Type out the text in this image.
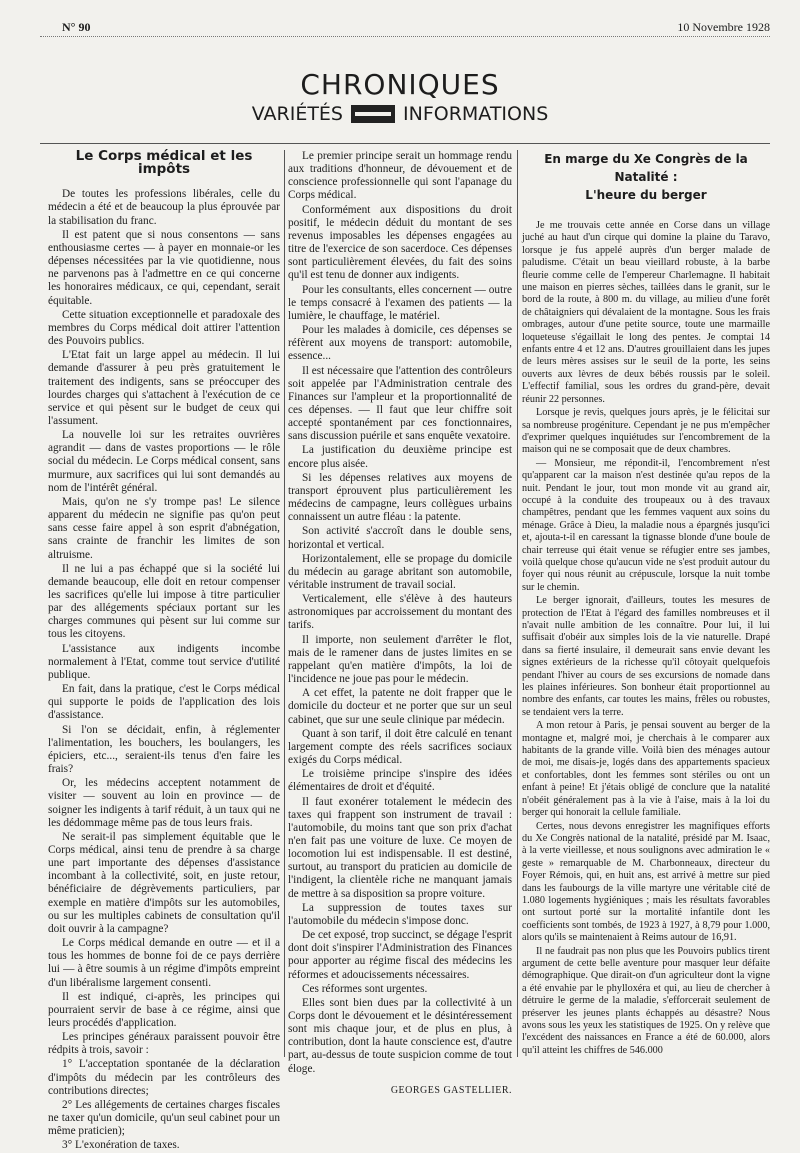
N° 90	10 Novembre 1928
CHRONIQUES
VARIÉTÉS	INFORMATIONS
Le Corps médical et les impôts

De toutes les professions libérales, celle du médecin a été et de beaucoup la plus éprouvée par la stabilisation du franc.

Il est patent que si nous consentons — sans enthousiasme certes — à payer en monnaie-or les dépenses nécessitées par la vie quotidienne, nous ne parvenons pas à l'admettre en ce qui concerne les honoraires médicaux, ce qui, cependant, serait équitable.

Cette situation exceptionnelle et paradoxale des membres du Corps médical doit attirer l'attention des Pouvoirs publics.

L'Etat fait un large appel au médecin. Il lui demande d'assurer à peu près gratuitement le traitement des indigents, sans se préoccuper des lourdes charges qui s'attachent à l'exécution de ce service et qui pèsent sur le budget de ceux qui l'assument.

La nouvelle loi sur les retraites ouvrières agrandit — dans de vastes proportions — le rôle social du médecin. Le Corps médical consent, sans murmure, aux sacrifices qui lui sont demandés au nom de l'intérêt général.

Mais, qu'on ne s'y trompe pas! Le silence apparent du médecin ne signifie pas qu'on peut sans cesse faire appel à son esprit d'abnégation, sans crainte de franchir les limites de son altruisme.

Il ne lui a pas échappé que si la société lui demande beaucoup, elle doit en retour compenser les sacrifices qu'elle lui impose à titre particulier par des allégements spéciaux portant sur les charges communes qui pèsent sur lui comme sur tous les citoyens.

L'assistance aux indigents incombe normalement à l'Etat, comme tout service d'utilité publique.

En fait, dans la pratique, c'est le Corps médical qui supporte le poids de l'application des lois d'assistance.

Si l'on se décidait, enfin, à réglementer l'alimentation, les bouchers, les boulangers, les épiciers, etc..., seraient-ils tenus d'en faire les frais?

Or, les médecins acceptent notamment de visiter — souvent au loin en province — de soigner les indigents à tarif réduit, à un taux qui ne les dédommage même pas de tous leurs frais.

Ne serait-il pas simplement équitable que le Corps médical, ainsi tenu de prendre à sa charge une part importante des dépenses d'assistance incombant à la collectivité, soit, en juste retour, bénéficiaire de dégrèvements particuliers, par exemple en matière d'impôts sur les automobiles, ou sur les multiples cabinets de consultation qu'il doit ouvrir à la campagne?

Le Corps médical demande en outre — et il a tous les hommes de bonne foi de ce pays derrière lui — à être soumis à un régime d'impôts empreint d'un libéralisme largement consenti.

Il est indiqué, ci-après, les principes qui pourraient servir de base à ce régime, ainsi que leurs procédés d'application.

Les principes généraux paraissent pouvoir être rédpits à trois, savoir :

1° L'acceptation spontanée de la déclaration d'impôts du médecin par les contrôleurs des contributions directes;

2° Les allégements de certaines charges fiscales ne taxer qu'un domicile, qu'un seul cabinet pour un même praticien);

3° L'exonération de taxes.

Le premier principe serait un hommage rendu aux traditions d'honneur, de dévouement et de conscience professionnelle qui sont l'apanage du Corps médical.

Conformément aux dispositions du droit positif, le médecin déduit du montant de ses revenus imposables les dépenses engagées au titre de l'exercice de son sacerdoce. Ces dépenses sont particulièrement élevées, du fait des soins qu'il est tenu de donner aux indigents.

Pour les consultants, elles concernent — outre le temps consacré à l'examen des patients — la lumière, le chauffage, le matériel.

Pour les malades à domicile, ces dépenses se réfèrent aux moyens de transport: automobile, essence...

Il est nécessaire que l'attention des contrôleurs soit appelée par l'Administration centrale des Finances sur l'ampleur et la proportionnalité de ces dépenses. — Il faut que leur chiffre soit accepté spontanément par ces fonctionnaires, sans discussion puérile et sans enquête vexatoire.

La justification du deuxième principe est encore plus aisée.

Si les dépenses relatives aux moyens de transport éprouvent plus particulièrement les médecins de campagne, leurs collègues urbains connaissent un autre fléau : la patente.

Son activité s'accroît dans le double sens, horizontal et vertical.

Horizontalement, elle se propage du domicile du médecin au garage abritant son automobile, véritable instrument de travail social.

Verticalement, elle s'élève à des hauteurs astronomiques par accroissement du montant des tarifs.

Il importe, non seulement d'arrêter le flot, mais de le ramener dans de justes limites en se rappelant qu'en matière d'impôts, la loi de l'incidence ne joue pas pour le médecin.

A cet effet, la patente ne doit frapper que le domicile du docteur et ne porter que sur un seul cabinet, que sur une seule clinique par médecin.

Quant à son tarif, il doit être calculé en tenant largement compte des réels sacrifices sociaux exigés du Corps médical.

Le troisième principe s'inspire des idées élémentaires de droit et d'équité.

Il faut exonérer totalement le médecin des taxes qui frappent son instrument de travail : l'automobile, du moins tant que son prix d'achat n'en fait pas une voiture de luxe. Ce moyen de locomotion lui est indispensable. Il est destiné, surtout, au transport du praticien au domicile de l'indigent, la clientèle riche ne manquant jamais de mettre à sa disposition sa propre voiture.

La suppression de toutes taxes sur l'automobile du médecin s'impose donc.

De cet exposé, trop succinct, se dégage l'esprit dont doit s'inspirer l'Administration des Finances pour apporter au régime fiscal des médecins les réformes et adoucissements nécessaires.

Ces réformes sont urgentes.

Elles sont bien dues par la collectivité à un Corps dont le dévouement et le désintéressement sont mis chaque jour, et de plus en plus, à contribution, dont la haute conscience est, d'autre part, au-dessus de toute suspicion comme de tout éloge.

GEORGES GASTELLIER.
En marge du Xe Congrès de la Natalité :
L'heure du berger

Je me trouvais cette année en Corse dans un village juché au haut d'un cirque qui domine la plaine du Taravo, lorsque je fus appelé auprès d'un berger malade de paludisme. C'était un beau vieillard robuste, à la barbe fleurie comme celle de l'empereur Charlemagne. Il habitait une maison en pierres sèches, taillées dans le granit, sur le bord de la route, à 800 m. du village, au milieu d'une forêt de châtaigniers qui dévalaient de la montagne. Sous les frais ombrages, autour d'une petite source, toute une marmaille loqueteuse s'égaillait le long des pentes. Je comptai 14 enfants entre 4 et 12 ans. D'autres grouillaient dans les jupes de leurs mères assises sur le seuil de la porte, les seins ouverts aux lèvres de deux bébés roussis par le soleil. L'effectif familial, sous les ordres du grand-père, devait réunir 22 personnes.

Lorsque je revis, quelques jours après, je le félicitai sur sa nombreuse progéniture. Cependant je ne pus m'empêcher d'exprimer quelques inquiétudes sur l'encombrement de la maison qui ne se composait que de deux chambres.

— Monsieur, me répondit-il, l'encombrement n'est qu'apparent car la maison n'est destinée qu'au repos de la nuit. Pendant le jour, tout mon monde vit au grand air, occupé à la conduite des troupeaux ou à des travaux champêtres, pendant que les femmes vaquent aux soins du ménage. Grâce à Dieu, la maladie nous a épargnés jusqu'ici et, ajouta-t-il en caressant la tignasse blonde d'une boule de chair terreuse qui était venue se réfugier entre ses jambes, voilà quelque chose qu'aucun vide ne s'est produit autour du foyer qui nous réunit au crépuscule, lorsque la nuit tombe sur le chemin.

Le berger ignorait, d'ailleurs, toutes les mesures de protection de l'Etat à l'égard des familles nombreuses et il n'avait nulle ambition de les connaître. Pour lui, il lui suffisait d'obéir aux simples lois de la vie naturelle. Drapé dans sa fierté insulaire, il demeurait sans envie devant les signes extérieurs de la richesse qu'il côtoyait quelquefois pendant l'hiver au cours de ses excursions de nomade dans les plaines inférieures. Son bonheur était proportionnel au nombre des enfants, car toutes les mains, frêles ou robustes, se tendaient vers la terre.

A mon retour à Paris, je pensai souvent au berger de la montagne et, malgré moi, je cherchais à le comparer aux habitants de la grande ville. Voilà bien des ménages autour de moi, me disais-je, logés dans des appartements spacieux et confortables, dont les femmes sont stériles ou ont un enfant à peine! Et j'étais obligé de conclure que la natalité n'obéit généralement pas à la vie à l'aise, mais à la loi du berger qui honorait la cellule familiale.

Certes, nous devons enregistrer les magnifiques efforts du Xe Congrès national de la natalité, présidé par M. Isaac, à la verte vieillesse, et nous soulignons avec admiration le « geste » remarquable de M. Charbonneaux, directeur du Foyer Rémois, qui, en huit ans, est arrivé à mettre sur pied dans les faubourgs de la ville martyre une véritable cité de 1.080 logements hygiéniques ; mais les résultats favorables ont surtout porté sur la mortalité infantile dont les coefficients sont tombés, de 1923 à 1927, à 8,79 pour 1.000, alors qu'ils se maintenaient à Reims autour de 16,91.

Il ne faudrait pas non plus que les Pouvoirs publics tirent argument de cette belle aventure pour masquer leur défaite démographique. Que dirait-on d'un agriculteur dont la vigne a été envahie par le phylloxéra et qui, au lieu de chercher à détruire le germe de la maladie, s'efforcerait seulement de préserver les jeunes plants échappés au désastre? Nous avons sous les yeux les statistiques de 1925. On y relève que l'excédent des naissances en France a été de 60.000, alors qu'il atteint les chiffres de 546.000
